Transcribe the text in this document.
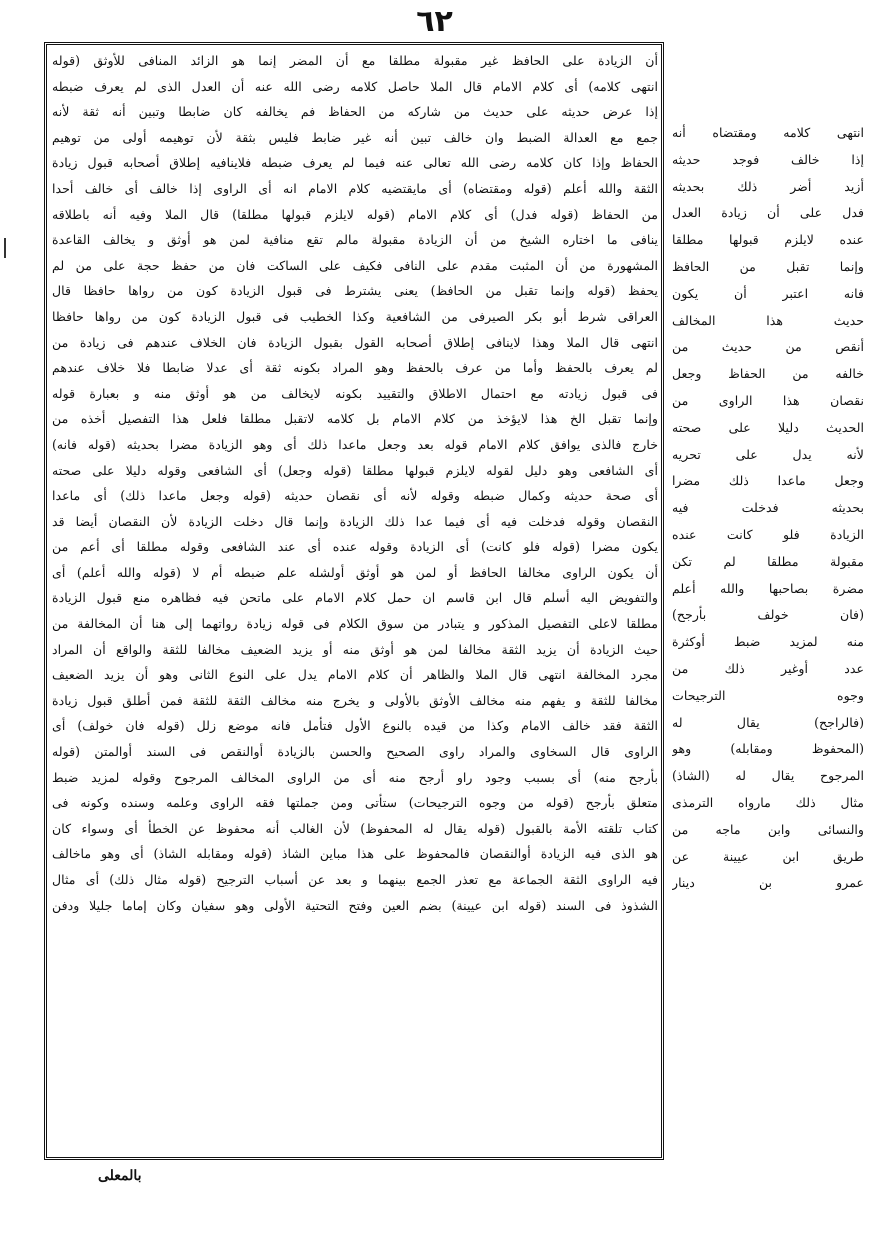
٦٢
أن الزيادة على الحافظ غير مقبولة مطلقا مع أن المضر إنما هو الزائد المنافى للأوثق (قوله
انتهى كلامه) أى كلام الامام قال الملا حاصل كلامه رضى الله عنه أن العدل الذى لم يعرف ضبطه
إذا عرض حديثه على حديث من شاركه من الحفاظ فم يخالفه كان ضابطا وتبين أنه ثقة لأنه
جمع مع العدالة الضبط وان خالف تبين أنه غير ضابط فليس بثقة لأن توهيمه أولى من توهيم
الحفاظ وإذا كان كلامه رضى الله تعالى عنه فيما لم يعرف ضبطه فلاينافيه إطلاق أصحابه قبول زيادة
الثقة والله أعلم (قوله ومقتضاه) أى مايقتضيه كلام الامام انه أى الراوى إذا خالف أى خالف أحدا
من الحفاظ (قوله فدل) أى كلام الامام (قوله لايلزم قبولها مطلقا) قال الملا وفيه أنه باطلاقه
ينافى ما اختاره الشيخ من أن الزيادة مقبولة مالم تقع منافية لمن هو أوثق و يخالف القاعدة
المشهورة من أن المثبت مقدم على النافى فكيف على الساكت فان من حفظ حجة على من لم
يحفظ (قوله وإنما تقبل من الحافظ) يعنى يشترط فى قبول الزيادة كون من رواها حافظا قال
العراقى شرط أبو بكر الصيرفى من الشافعية وكذا الخطيب فى قبول الزيادة كون من رواها حافظا
انتهى قال الملا وهذا لاينافى إطلاق أصحابه القول بقبول الزيادة فان الخلاف عندهم فى زيادة من
لم يعرف بالحفظ وأما من عرف بالحفظ وهو المراد بكونه ثقة أى عدلا ضابطا فلا خلاف عندهم
فى قبول زيادته مع احتمال الاطلاق والتقييد بكونه لايخالف من هو أوثق منه و بعبارة قوله
وإنما تقبل الخ هذا لايؤخذ من كلام الامام بل كلامه لاتقبل مطلقا فلعل هذا التفصيل أخذه من
خارج فالذى يوافق كلام الامام قوله بعد وجعل ماعدا ذلك أى وهو الزيادة مضرا بحديثه (قوله فانه)
أى الشافعى وهو دليل لقوله لايلزم قبولها مطلقا (قوله وجعل) أى الشافعى وقوله دليلا على صحته
أى صحة حديثه وكمال ضبطه وقوله لأنه أى نقصان حديثه (قوله وجعل ماعدا ذلك) أى ماعدا
النقصان وقوله فدخلت فيه أى فيما عدا ذلك الزيادة وإنما قال دخلت الزيادة لأن النقصان أيضا قد
يكون مضرا (قوله فلو كانت) أى الزيادة وقوله عنده أى عند الشافعى وقوله مطلقا أى أعم من
أن يكون الراوى مخالفا الحافظ أو لمن هو أوثق أولشله علم ضبطه أم لا (قوله والله أعلم) أى
والتفويض اليه أسلم قال ابن قاسم ان حمل كلام الامام على ماتحن فيه فظاهره منع قبول الزيادة
مطلقا لاعلى التفصيل المذكور و يتبادر من سوق الكلام فى قوله زيادة رواتهما إلى هنا أن المخالفة من
حيث الزيادة أن يزيد الثقة مخالفا لمن هو أوثق منه أو يزيد الضعيف مخالفا للثقة والواقع أن المراد
مجرد المخالفة انتهى قال الملا والظاهر أن كلام الامام يدل على النوع الثانى وهو أن يزيد الضعيف
مخالفا للثقة و يفهم منه مخالف الأوثق بالأولى و يخرج منه مخالف الثقة للثقة فمن أطلق قبول زيادة
الثقة فقد خالف الامام وكذا من قيده بالنوع الأول فتأمل فانه موضع زلل (قوله فان خولف) أى
الراوى قال السخاوى والمراد راوى الصحيح والحسن بالزيادة أوالنقص فى السند أوالمتن (قوله
بأرجح منه) أى بسبب وجود راو أرجح منه أى من الراوى المخالف المرجوح وقوله لمزيد ضبط
متعلق بأرجح (قوله من وجوه الترجيحات) ستأتى ومن جملتها فقه الراوى وعلمه وسنده وكونه فى
كتاب تلقته الأمة بالقبول (قوله يقال له المحفوظ) لأن الغالب أنه محفوظ عن الخطأ أى وسواء كان
هو الذى فيه الزيادة أوالنقصان فالمحفوظ على هذا مباين الشاذ (قوله ومقابله الشاذ) أى وهو ماخالف
فيه الراوى الثقة الجماعة مع تعذر الجمع بينهما و بعد عن أسباب الترجيح (قوله مثال ذلك) أى مثال
الشذوذ فى السند (قوله ابن عيينة) بضم العين وفتح التحتية الأولى وهو سفيان وكان إماما جليلا ودفن
انتهى كلامه ومقتضاه أنه
إذا خالف فوجد حديثه
أزيد أضر ذلك بحديثه
فدل على أن زيادة العدل
عنده لايلزم قبولها مطلقا
وإنما تقبل من الحافظ
فانه اعتبر أن يكون
حديث هذا المخالف
أنقص من حديث من
خالفه من الحفاظ وجعل
نقصان هذا الراوى من
الحديث دليلا على صحته
لأنه يدل على تحريه
وجعل ماعدا ذلك مضرا
بحديثه فدخلت فيه
الزيادة فلو كانت عنده
مقبولة مطلقا لم تكن
مضرة بصاحبها والله أعلم
(فان خولف بأرجح)
منه لمزيد ضبط أوكثرة
عدد أوغير ذلك من
وجوه الترجيحات
(فالراجح) يقال له
(المحفوظ ومقابله) وهو
المرجوح يقال له (الشاذ)
مثال ذلك مارواه الترمذى
والنسائى وابن ماجه من
طريق ابن عيينة عن
عمرو بن دينار
بالمعلى
